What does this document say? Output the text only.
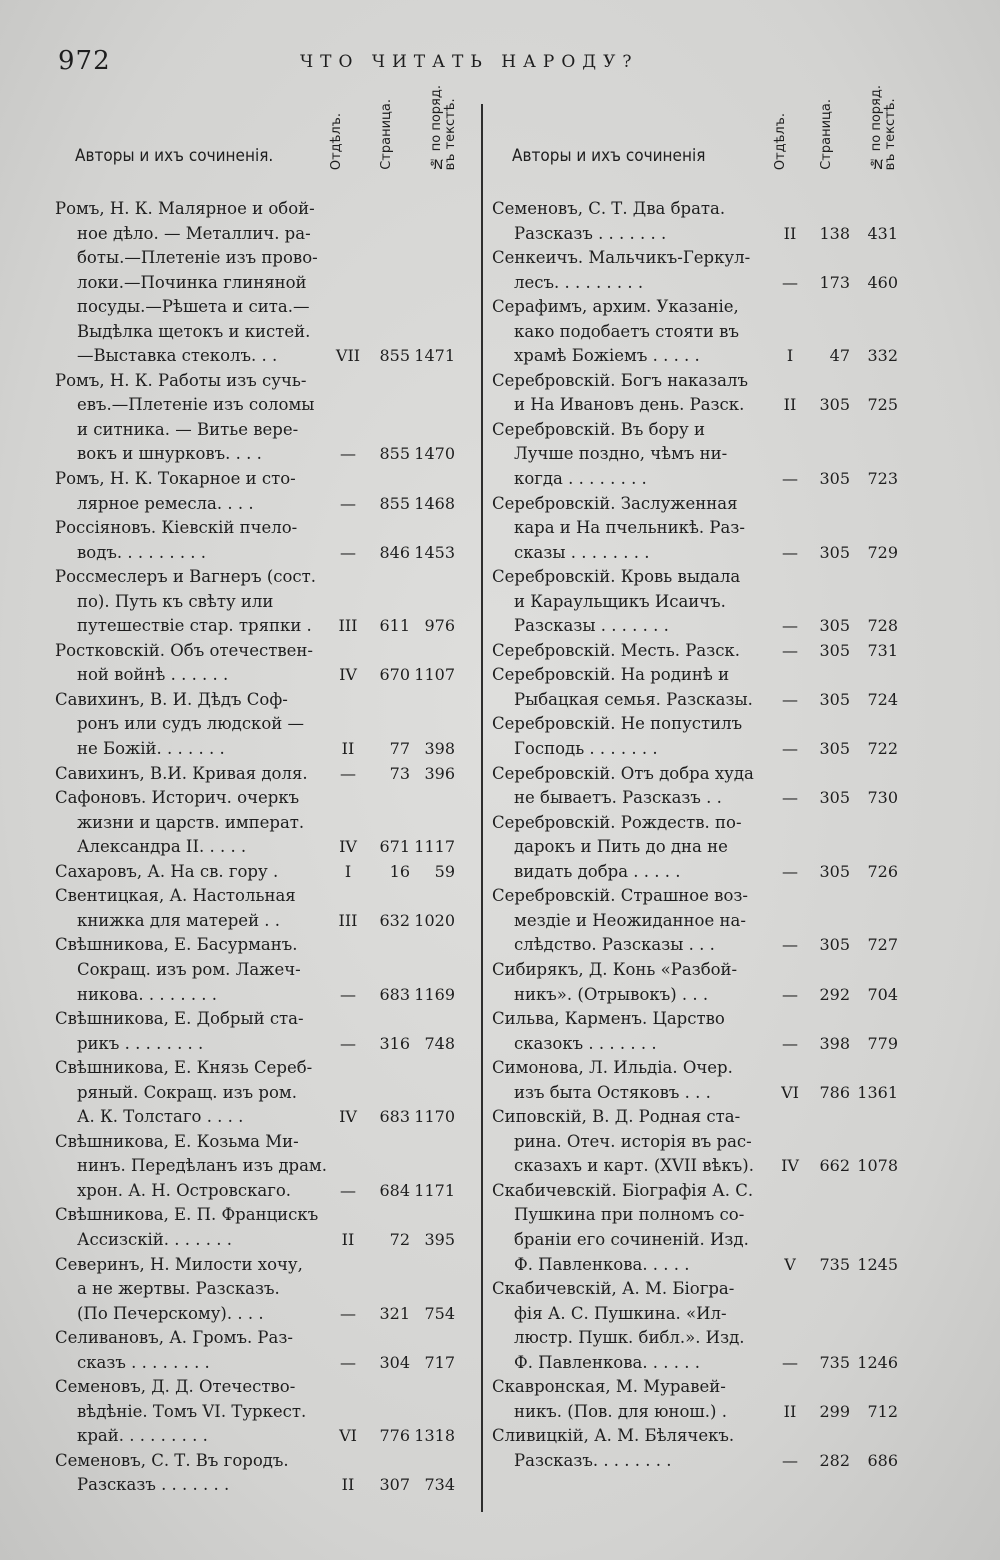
972	ЧТО ЧИТАТЬ НАРОДУ?
Авторы и ихъ сочиненія.	Отдѣлъ.	Страница.	№ по поряд.
въ текстѣ.
Ромъ, Н. К. Малярное и обой-
ное дѣло. — Металлич. ра-
боты.—Плетеніе изъ прово-
локи.—Починка глиняной
посуды.—Рѣшета и сита.—
Выдѣлка щетокъ и кистей.
—Выставка стеколъ. . .	VII	855 1471
Ромъ, Н. К. Работы изъ сучь-
евъ.—Плетеніе изъ соломы
и ситника. — Витье вере-
вокъ и шнурковъ. . . .	—	855 1470
Ромъ, Н. К. Токарное и сто-
лярное ремесла. . . .	—	855 1468
Россіяновъ. Кіевскій пчело-
водъ. . . . . . . . .	—	846 1453
Россмеслеръ и Вагнеръ (сост.
по). Путь къ свѣту или
путешествіе стар. тряпки .	III	611 976
Ростковскій. Объ отечествен-
ной войнѣ . . . . . .	IV	670 1107
Савихинъ, В. И. Дѣдъ Соф-
ронъ или судъ людской —
не Божій. . . . . . .	II	77 398
Савихинъ, В.И. Кривая доля.	—	73 396
Сафоновъ. Историч. очеркъ
жизни и царств. императ.
Александра II. . . . .	IV	671 1117
Сахаровъ, А. На св. гору .	I	16	59
Свентицкая, А. Настольная
книжка для матерей . .	III	632 1020
Свѣшникова, Е. Басурманъ.
Сокращ. изъ ром. Лажеч-
никова. . . . . . . .	—	683 1169
Свѣшникова, Е. Добрый ста-
рикъ . . . . . . . .	—	316 748
Свѣшникова, Е. Князь Сереб-
ряный. Сокращ. изъ ром.
А. К. Толстаго . . . .	IV	683 1170
Свѣшникова, Е. Козьма Ми-
нинъ. Передѣланъ изъ драм.
хрон. А. Н. Островскаго.	—	684 1171
Свѣшникова, Е. П. Францискъ
Ассизскій. . . . . . .	II	72 395
Северинъ, Н. Милости хочу,
а не жертвы. Разсказъ.
(По Печерскому). . . .	—	321 754
Селивановъ, А. Громъ. Раз-
сказъ . . . . . . . .	—	304 717
Семеновъ, Д. Д. Отечество-
вѣдѣніе. Томъ VI. Туркест.
край. . . . . . . . .	VI	776 1318
Семеновъ, С. Т. Въ городъ.
Разсказъ . . . . . . .	II	307 734
Авторы и ихъ сочиненія	Отдѣлъ. Страница.	№ по поряд.
въ текстѣ.
Семеновъ, С. Т. Два брата.
Разсказъ . . . . . . .	II	138	431
Сенкеичъ. Мальчикъ-Геркул-
лесъ. . . . . . . . .	—	173	460
Серафимъ, архим. Указаніе,
како подобаетъ стояти въ
храмѣ Божіемъ . . . . .	I	47	332
Серебровскій. Богъ наказалъ
и На Ивановъ день. Разск.	II	305	725
Серебровскій. Въ бору и
Лучше поздно, чѣмъ ни-
когда . . . . . . . .	—	305	723
Серебровскій. Заслуженная
кара и На пчельникѣ. Раз-
сказы . . . . . . . .	—	305	729
Серебровскій. Кровь выдала
и Караульщикъ Исаичъ.
Разсказы . . . . . . .	—	305	728
Серебровскій. Месть. Разск.	—	305	731
Серебровскій. На родинѣ и
Рыбацкая семья. Разсказы.	—	305	724
Серебровскій. Не попустилъ
Господь . . . . . . .	—	305	722
Серебровскій. Отъ добра худа
не бываетъ. Разсказъ . .	—	305	730
Серебровскій. Рождеств. по-
дарокъ и Пить до дна не
видать добра . . . . .	—	305	726
Серебровскій. Страшное воз-
мездіе и Неожиданное на-
слѣдство. Разсказы . . .	—	305	727
Сибирякъ, Д. Конь «Разбой-
никъ». (Отрывокъ) . . .	—	292	704
Сильва, Карменъ. Царство
сказокъ . . . . . . .	—	398	779
Симонова, Л. Ильдіа. Очер.
изъ быта Остяковъ . . .	VI	786 1361
Сиповскій, В. Д. Родная ста-
рина. Отеч. исторія въ рас-
сказахъ и карт. (XVII вѣкъ).	IV	662 1078
Скабичевскій. Біографія А. С.
Пушкина при полномъ со-
браніи его сочиненій. Изд.
Ф. Павленкова. . . . .	V	735 1245
Скабичевскій, А. М. Біогра-
фія А. С. Пушкина. «Ил-
люстр. Пушк. библ.». Изд.
Ф. Павленкова. . . . . .	—	735 1246
Скавронская, М. Муравей-
никъ. (Пов. для юнош.) .	II	299	712
Сливицкій, А. М. Бѣлячекъ.
Разсказъ. . . . . . . .	—	282	686
